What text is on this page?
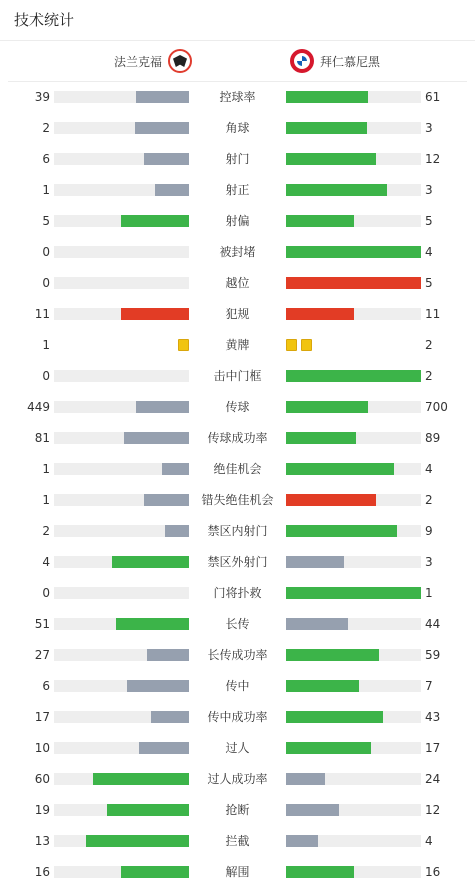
技术统计
法兰克福	拜仁慕尼黑
39	控球率	61
2	角球	3
6	射门	12
1	射正	3
5	射偏	5
0	被封堵	4
0	越位	5
11	犯规	11
1	黄牌	2
0	击中门框	2
449	传球	700
81	传球成功率	89
1	绝佳机会	4
1	错失绝佳机会	2
2	禁区内射门	9
4	禁区外射门	3
0	门将扑救	1
51	长传	44
27	长传成功率	59
6	传中	7
17	传中成功率	43
10	过人	17
60	过人成功率	24
19	抢断	12
13	拦截	4
16	解围	16
